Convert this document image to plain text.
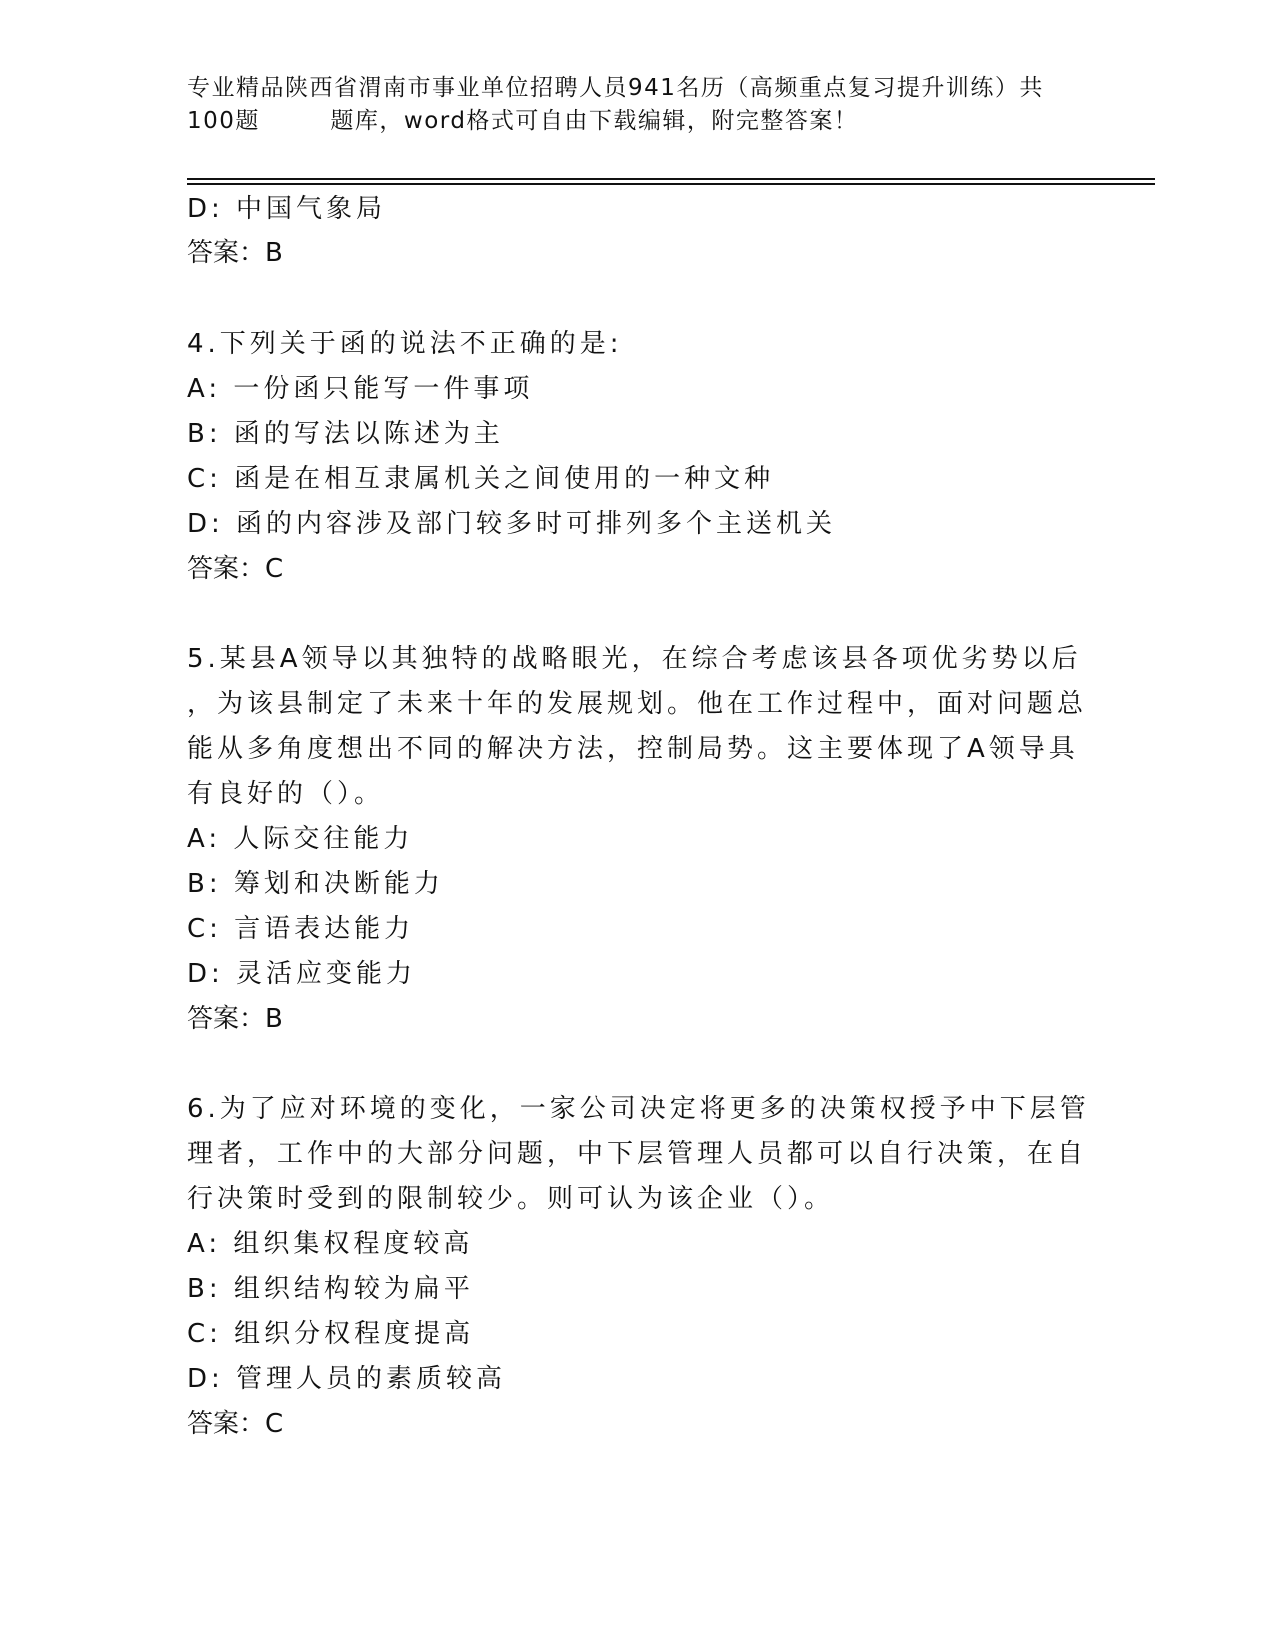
专业精品陕西省渭南市事业单位招聘人员941名历（高频重点复习提升训练）共
100题        题库，word格式可自由下载编辑，附完整答案！
D: 中国气象局
答案：B
4.下列关于函的说法不正确的是:
A: 一份函只能写一件事项
B: 函的写法以陈述为主
C: 函是在相互隶属机关之间使用的一种文种
D: 函的内容涉及部门较多时可排列多个主送机关
答案：C
5.某县A领导以其独特的战略眼光，在综合考虑该县各项优劣势以后
，为该县制定了未来十年的发展规划。他在工作过程中，面对问题总
能从多角度想出不同的解决方法，控制局势。这主要体现了A领导具
有良好的（）。
A: 人际交往能力
B: 筹划和决断能力
C: 言语表达能力
D: 灵活应变能力
答案：B
6.为了应对环境的变化，一家公司决定将更多的决策权授予中下层管
理者，工作中的大部分问题，中下层管理人员都可以自行决策，在自
行决策时受到的限制较少。则可认为该企业（）。
A: 组织集权程度较高
B: 组织结构较为扁平
C: 组织分权程度提高
D: 管理人员的素质较高
答案：C
